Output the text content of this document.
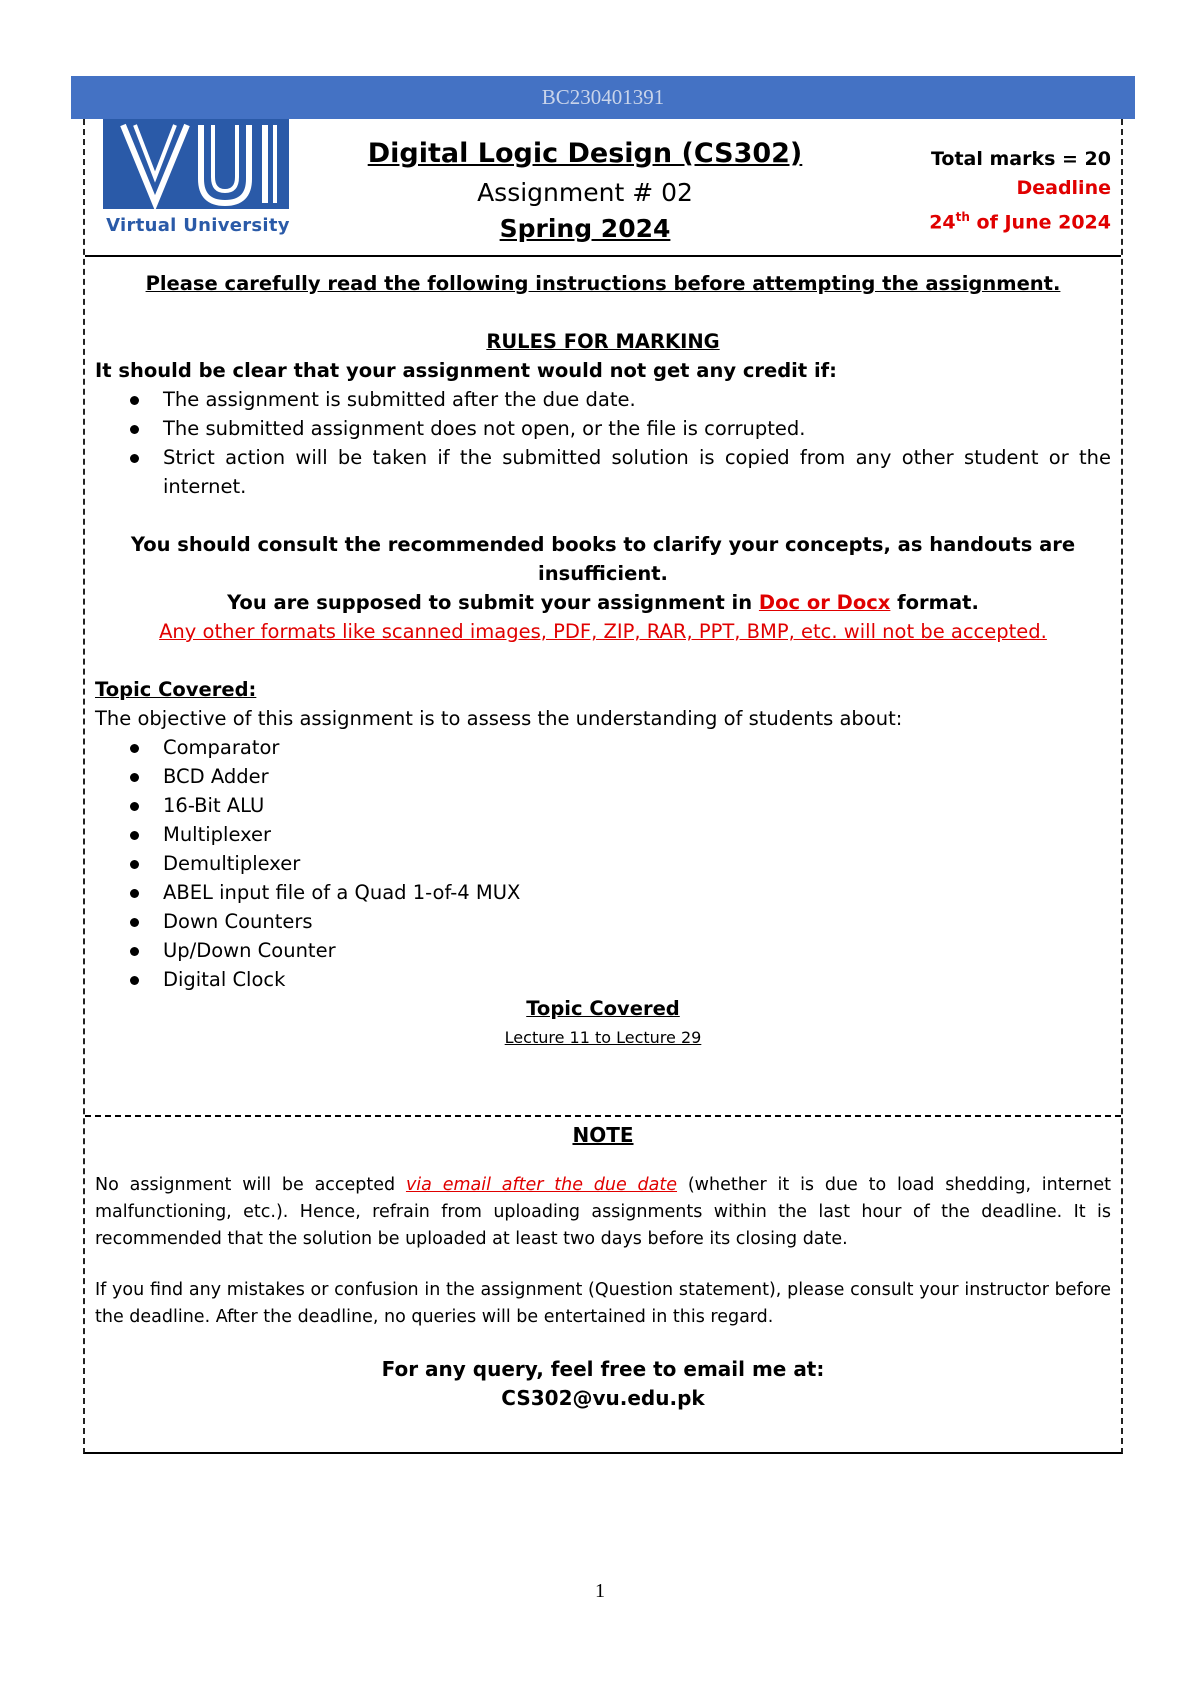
BC230401391
Virtual University

Digital Logic Design (CS302)

Assignment # 02

Spring 2024

Total marks = 20
Deadline
24th of June 2024

Please carefully read the following instructions before attempting the assignment.

RULES FOR MARKING

It should be clear that your assignment would not get any credit if:

The assignment is submitted after the due date.
The submitted assignment does not open, or the file is corrupted.
Strict action will be taken if the submitted solution is copied from any other student or the internet.

You should consult the recommended books to clarify your concepts, as handouts are insufficient.

You are supposed to submit your assignment in Doc or Docx format.

Any other formats like scanned images, PDF, ZIP, RAR, PPT, BMP, etc. will not be accepted.

Topic Covered:

The objective of this assignment is to assess the understanding of students about:

Comparator
BCD Adder
16-Bit ALU
Multiplexer
Demultiplexer
ABEL input file of a Quad 1-of-4 MUX
Down Counters
Up/Down Counter
Digital Clock

Topic Covered

Lecture 11 to Lecture 29

NOTE

No assignment will be accepted via email after the due date (whether it is due to load shedding, internet malfunctioning, etc.). Hence, refrain from uploading assignments within the last hour of the deadline. It is recommended that the solution be uploaded at least two days before its closing date.

If you find any mistakes or confusion in the assignment (Question statement), please consult your instructor before the deadline. After the deadline, no queries will be entertained in this regard.

For any query, feel free to email me at:

CS302@vu.edu.pk

1
